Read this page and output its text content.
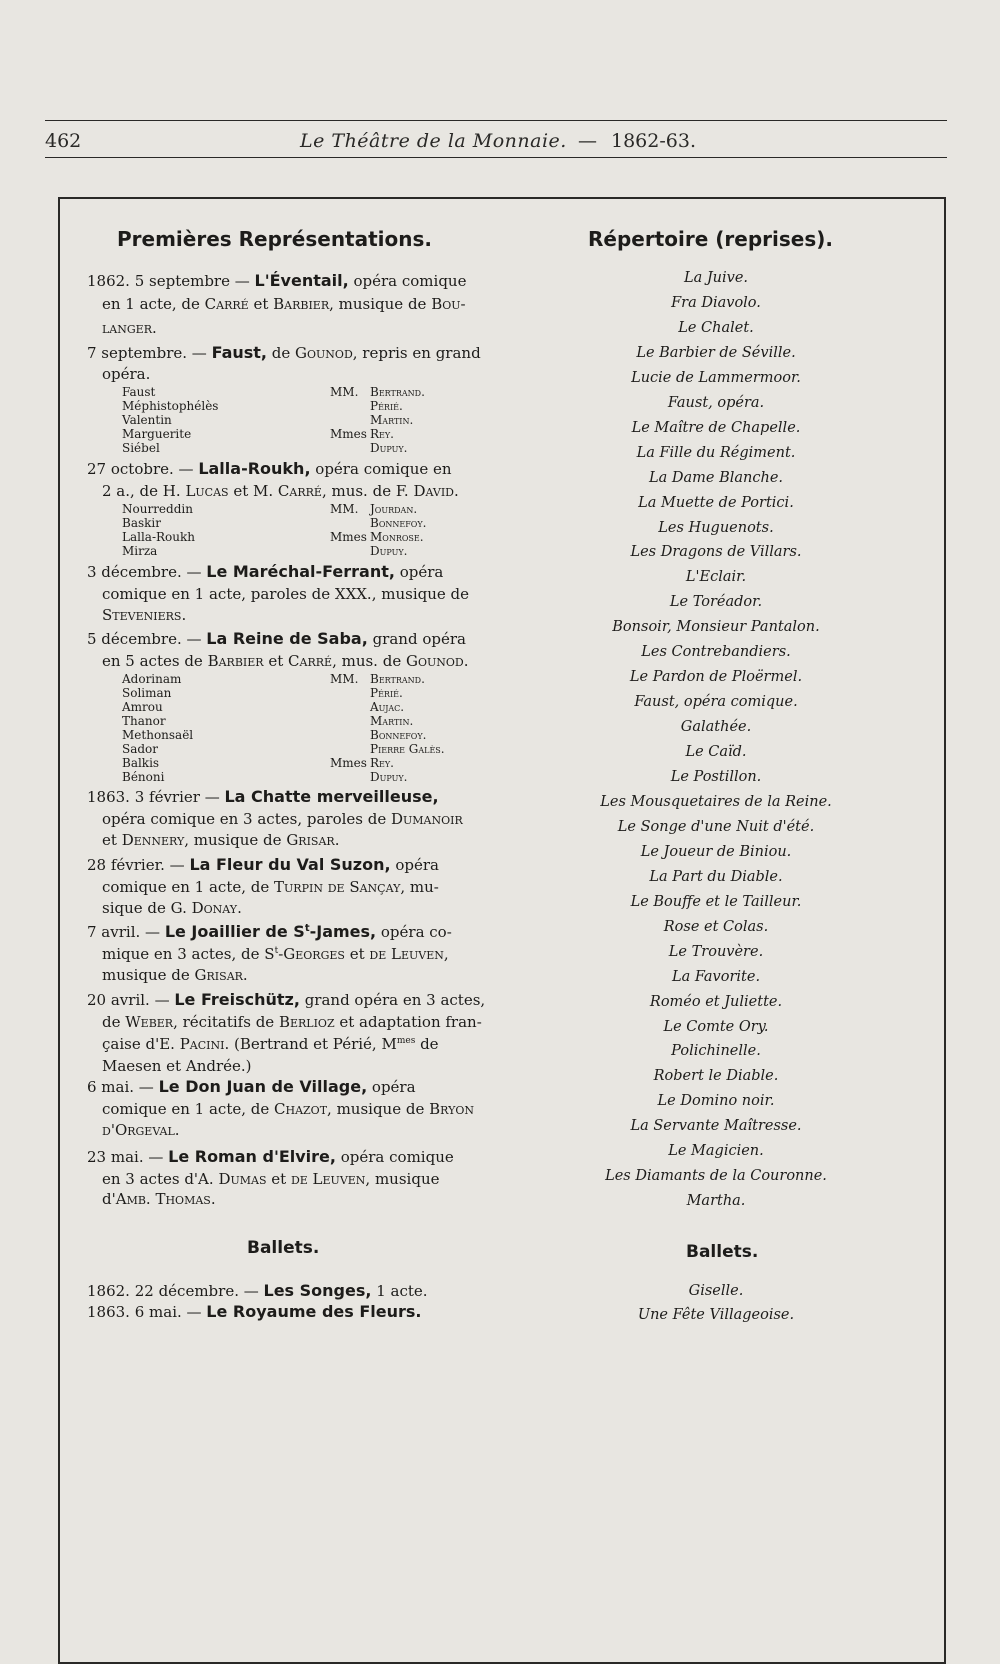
462	Le Théâtre de la Monnaie. — 1862-63.
Premières Représentations.
1862. 5 septembre — L'Éventail, opéra comique
en 1 acte, de Carré et Barbier, musique de Bou-
langer.
7 septembre. — Faust, de Gounod, repris en grand
opéra.
Faust
Méphistophélès
Valentin
Marguerite
Siébel
MM.
Mmes
Bertrand.
Périé.
Martin.
Rey.
Dupuy.
27 octobre. — Lalla-Roukh, opéra comique en
2 a., de H. Lucas et M. Carré, mus. de F. David.
Nourreddin
Baskir
Lalla-Roukh
Mirza
MM.
Mmes
Jourdan.
Bonnefoy.
Monrose.
Dupuy.
3 décembre. — Le Maréchal-Ferrant, opéra
comique en 1 acte, paroles de XXX., musique de
Steveniers.
5 décembre. — La Reine de Saba, grand opéra
en 5 actes de Barbier et Carré, mus. de Gounod.
Adorinam
Soliman
Amrou
Thanor
Methonsaël
Sador
Balkis
Bénoni
MM.
Mmes
Bertrand.
Périé.
Aujac.
Martin.
Bonnefoy.
Pierre Galès.
Rey.
Dupuy.
1863. 3 février — La Chatte merveilleuse,
opéra comique en 3 actes, paroles de Dumanoir
et Dennery, musique de Grisar.
28 février. — La Fleur du Val Suzon, opéra
comique en 1 acte, de Turpin de Sançay, mu-
sique de G. Donay.
7 avril. — Le Joaillier de $S^t$-James, opéra co-
mique en 3 actes, de $S^t$-Georges et de Leuven,
musique de Grisar.
20 avril. — Le Freischütz, grand opéra en 3 actes,
de Weber, récitatifs de Berlioz et adaptation fran-
çaise d'E. Pacini. (Bertrand et Périé, $M^{mes}$ de
Maesen et Andrée.)
6 mai. — Le Don Juan de Village, opéra
comique en 1 acte, de Chazot, musique de Bryon
d'Orgeval.
23 mai. — Le Roman d'Elvire, opéra comique
en 3 actes d'A. Dumas et de Leuven, musique
d'Amb. Thomas.
Ballets.
1862. 22 décembre. — Les Songes, 1 acte.
1863. 6 mai. — Le Royaume des Fleurs.
Répertoire (reprises).
La Juive.
Fra Diavolo.
Le Chalet.
Le Barbier de Séville.
Lucie de Lammermoor.
Faust, opéra.
Le Maître de Chapelle.
La Fille du Régiment.
La Dame Blanche.
La Muette de Portici.
Les Huguenots.
Les Dragons de Villars.
L'Eclair.
Le Toréador.
Bonsoir, Monsieur Pantalon.
Les Contrebandiers.
Le Pardon de Ploërmel.
Faust, opéra comique.
Galathée.
Le Caïd.
Le Postillon.
Les Mousquetaires de la Reine.
Le Songe d'une Nuit d'été.
Le Joueur de Biniou.
La Part du Diable.
Le Bouffe et le Tailleur.
Rose et Colas.
Le Trouvère.
La Favorite.
Roméo et Juliette.
Le Comte Ory.
Polichinelle.
Robert le Diable.
Le Domino noir.
La Servante Maîtresse.
Le Magicien.
Les Diamants de la Couronne.
Martha.
Ballets.
Giselle.
Une Fête Villageoise.
